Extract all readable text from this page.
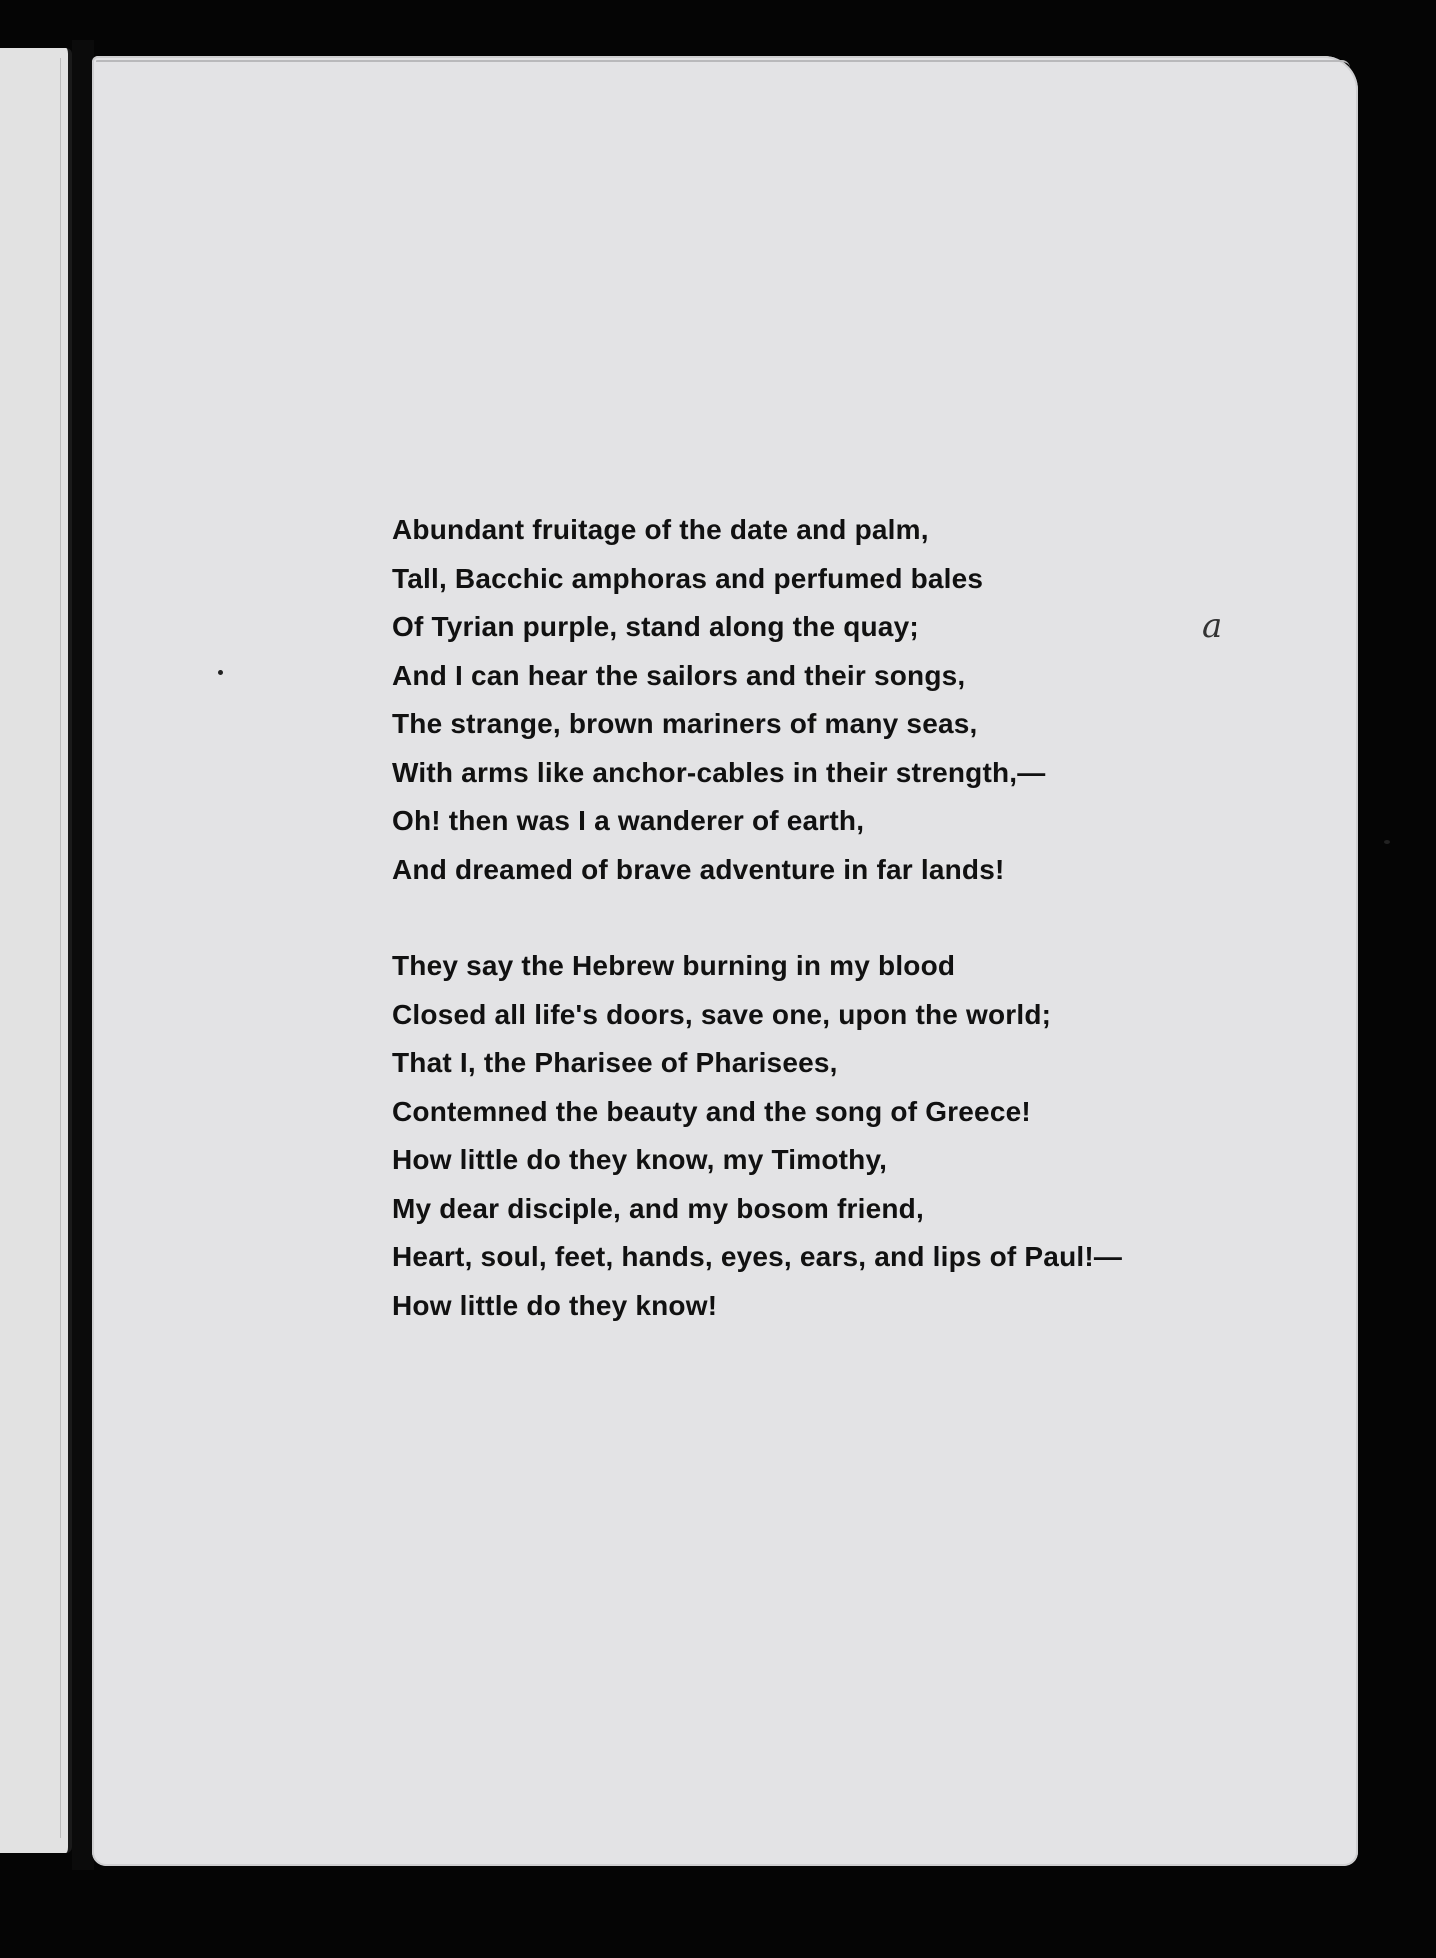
Abundant fruitage of the date and palm,
Tall, Bacchic amphoras and perfumed bales
Of Tyrian purple, stand along the quay;
And I can hear the sailors and their songs,
The strange, brown mariners of many seas,
With arms like anchor-cables in their strength,—
Oh! then was I a wanderer of earth,
And dreamed of brave adventure in far lands!
They say the Hebrew burning in my blood
Closed all life's doors, save one, upon the world;
That I, the Pharisee of Pharisees,
Contemned the beauty and the song of Greece!
How little do they know, my Timothy,
My dear disciple, and my bosom friend,
Heart, soul, feet, hands, eyes, ears, and lips of Paul!—
How little do they know!
a
